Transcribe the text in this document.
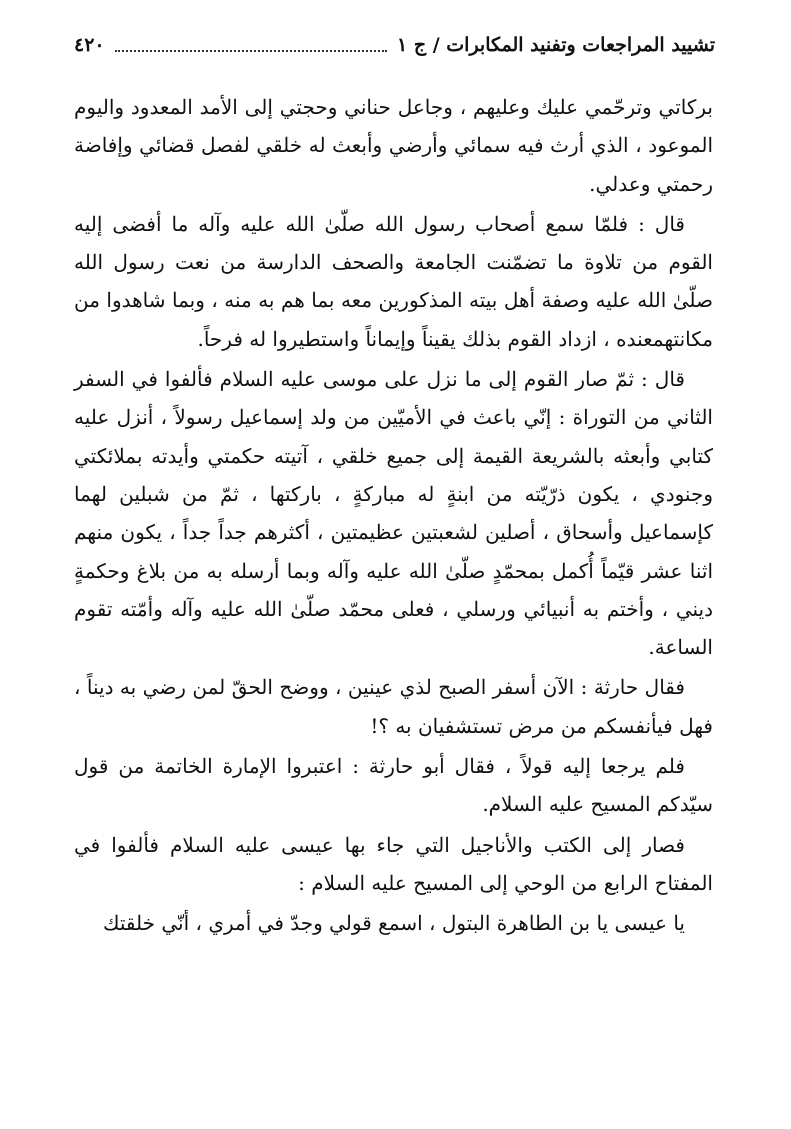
تشييد المراجعات وتفنيد المكابرات / ج ١
٤٢٠

بركاتي وترحّمي عليك وعليهم ، وجاعل حناني وحجتي إلى الأمد المعدود واليوم الموعود ، الذي أرث فيه سمائي وأرضي وأبعث له خلقي لفصل قضائي وإفاضة رحمتي وعدلي.

قال : فلمّا سمع أصحاب رسول الله صلّىٰ الله عليه وآله ما أفضى إليه القوم من تلاوة ما تضمّنت الجامعة والصحف الدارسة من نعت رسول الله صلّىٰ الله عليه وصفة أهل بيته المذكورين معه بما هم به منه ، وبما شاهدوا من مكانتهمعنده ، ازداد القوم بذلك يقيناً وإيماناً واستطيروا له فرحاً.

قال : ثمّ صار القوم إلى ما نزل على موسى عليه السلام فألفوا في السفر الثاني من التوراة : إنّي باعث في الأميّين من ولد إسماعيل رسولاً ، أنزل عليه كتابي وأبعثه بالشريعة القيمة إلى جميع خلقي ، آتيته حكمتي وأيدته بملائكتي وجنودي ، يكون ذرّيّته من ابنةٍ له مباركةٍ ، باركتها ، ثمّ من شبلين لهما كإسماعيل وأسحاق ، أصلين لشعبتين عظيمتين ، أكثرهم جداً جداً ، يكون منهم اثنا عشر قيّماً أُكمل بمحمّدٍ صلّىٰ الله عليه وآله وبما أرسله به من بلاغ وحكمةٍ ديني ، وأختم به أنبيائي ورسلي ، فعلى محمّد صلّىٰ الله عليه وآله وأمّته تقوم الساعة.

فقال حارثة : الآن أسفر الصبح لذي عينين ، ووضح الحقّ لمن رضي به ديناً ، فهل فيأنفسكم من مرض تستشفيان به ؟!

فلم يرجعا إليه قولاً ، فقال أبو حارثة : اعتبروا الإمارة الخاتمة من قول سيّدكم المسيح عليه السلام.

فصار إلى الكتب والأناجيل التي جاء بها عيسى عليه السلام فألفوا في المفتاح الرابع من الوحي إلى المسيح عليه السلام :

يا عيسى يا بن الطاهرة البتول ، اسمع قولي وجدّ في أمري ، أنّي خلقتك
